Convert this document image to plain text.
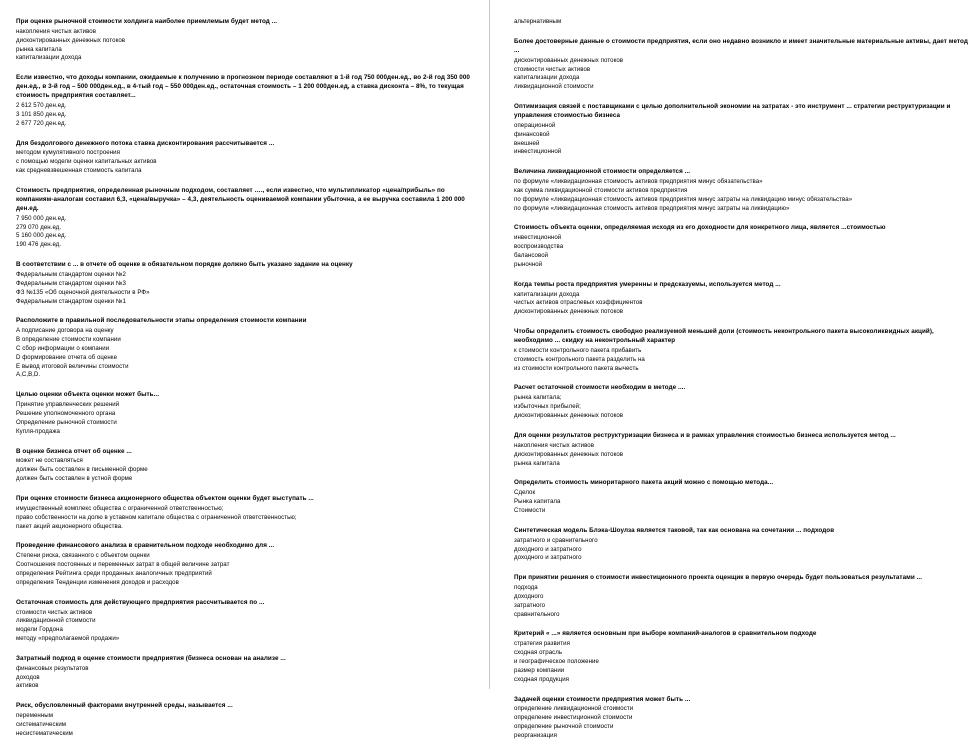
При оценке рыночной стоимости холдинга наиболее приемлемым будет метод ...

накопления чистых активов

дисконтированных денежных потоков

рынка капитала

капитализации дохода

Если известно, что доходы компании, ожидаемые к получению в прогнозном периоде составляют в 1-й год 750 000ден.ед., во 2-й год 350 000 ден.ед., в 3-й год – 500 000ден.ед., в 4-тый год – 550 000ден.ед., остаточная стоимость – 1 200 000ден.ед, а ставка дисконта – 8%, то текущая стоимость предприятия составляет...

2 612 570 ден.ед.

3 101 850 ден.ед.

2 677 720 ден.ед.

Для бездолгового денежного потока ставка дисконтирования рассчитывается ...

методом кумулятивного построения

с помощью модели оценки капитальных активов

как средневзвешенная стоимость капитала

Стоимость предприятия, определенная рыночным подходом, составляет …., если известно, что мультипликатор «цена/прибыль» по компаниям-аналогам составил 6,3, «цена/выручка» – 4,3, деятельность оцениваемой компании убыточна, а ее выручка составила 1 200 000 ден.ед.

7 950 000 ден.ед.

279 070 ден.ед.

5 160 000 ден.ед.

190 476 ден.ед.

В соответствии с ... в отчете об оценке в обязательном порядке должно быть указано задание на оценку

Федеральным стандартом оценки №2

Федеральным стандартом оценки №3

ФЗ №135 «Об оценочной деятельности в РФ»

Федеральным стандартом оценки №1

Расположите в правильной последовательности этапы определения стоимости компании

A подписание договора на оценку

B определение стоимости компании

C сбор информации о компании

D формирование отчета об оценке

E вывод итоговой величины стоимости

A,C,B,D.

Целью оценки объекта оценки может быть...

Принятие управленческих решений

Решение уполномоченного органа

Определение рыночной стоимости

Купля-продажа

В оценке бизнеса отчет об оценке ...

может не составляться

должен быть составлен в письменной форме

должен быть составлен в устной форме

При оценке стоимости бизнеса акционерного общества объектом оценки будет выступать ...

имущественный комплекс общества с ограниченной ответственностью;

право собственности на долю в уставном капитале общества с ограниченной ответственностью;

пакет акций акционерного общества.

Проведение финансового анализа в сравнительном подходе необходимо для ...

Степени риска, связанного с объектом оценки

Соотношения постоянных и переменных затрат в общей величине затрат

определения Рейтинга среди проданных аналогичных предприятий

определения Тенденции изменения доходов и расходов

Остаточная стоимость для действующего предприятия рассчитывается по ...

стоимости чистых активов

ликвидационной стоимости

модели Гордона

методу «предполагаемой продажи»

Затратный подход в оценке стоимости предприятия (бизнеса основан на анализе ...

финансовых результатов

доходов

активов

Риск, обусловленный факторами внутренней среды, называется ...

переменным

систематическим

несистематическим

альтернативным

Более достоверные данные о стоимости предприятия, если оно недавно возникло и имеет значительные материальные активы, дает метод ...

дисконтированных денежных потоков

стоимости чистых активов

капитализации дохода

ликвидационной стоимости

Оптимизация связей с поставщиками с целью дополнительной экономии на затратах - это инструмент ... стратегии реструктуризации и управления стоимостью бизнеса

операционной

финансовой

внешней

инвестиционной

Величина ликвидационной стоимости определяется ...

по формуле «ликвидационная стоимость активов предприятия минус обязательства»

как сумма ликвидационной стоимости активов предприятия

по формуле «ликвидационная стоимость активов предприятия минус затраты на ликвидацию минус обязательства»

по формуле «ликвидационная стоимость активов предприятия минус затраты на ликвидацию»

Стоимость объекта оценки, определяемая исходя из его доходности для конкретного лица, является ...стоимостью

инвестиционной

воспроизводства

балансовой

рыночной

Когда темпы роста предприятия умеренны и предсказуемы, используется метод ...

капитализации дохода

чистых активов отраслевых коэффициентов

дисконтированных денежных потоков

Чтобы определить стоимость свободно реализуемой меньшей доли (стоимость неконтрольного пакета высоколиквидных акций), необходимо ... скидку на неконтрольный характер

к стоимости контрольного пакета прибавить

стоимость контрольного пакета разделить на

из стоимости контрольного пакета вычесть

Расчет остаточной стоимости необходим в методе ....

рынка капитала;

избыточных прибылей;

дисконтированных денежных потоков

Для оценки результатов реструктуризации бизнеса и в рамках управления стоимостью бизнеса используется метод ...

накопления чистых активов

дисконтированных денежных потоков

рынка капитала

Определить стоимость миноритарного пакета акций можно с помощью метода...

Сделок

Рынка капитала

Стоимости

Синтетическая модель Блэка-Шоулза является таковой, так как основана на сочетании ... подходов

затратного и сравнительного

доходного и затратного

доходного и затратного

При принятии решения о стоимости инвестиционного проекта оценщик в первую очередь будет пользоваться результатами ...

подхода

доходного

затратного

сравнительного

Критерий « ...» является основным при выборе компаний-аналогов в сравнительном подходе

стратегия развития

сходная отрасль

и географическое положение

размер компании

сходная продукция

Задачей оценки стоимости предприятия может быть ...

определение ликвидационной стоимости

определение инвестиционной стоимости

определение рыночной стоимости

реорганизация
